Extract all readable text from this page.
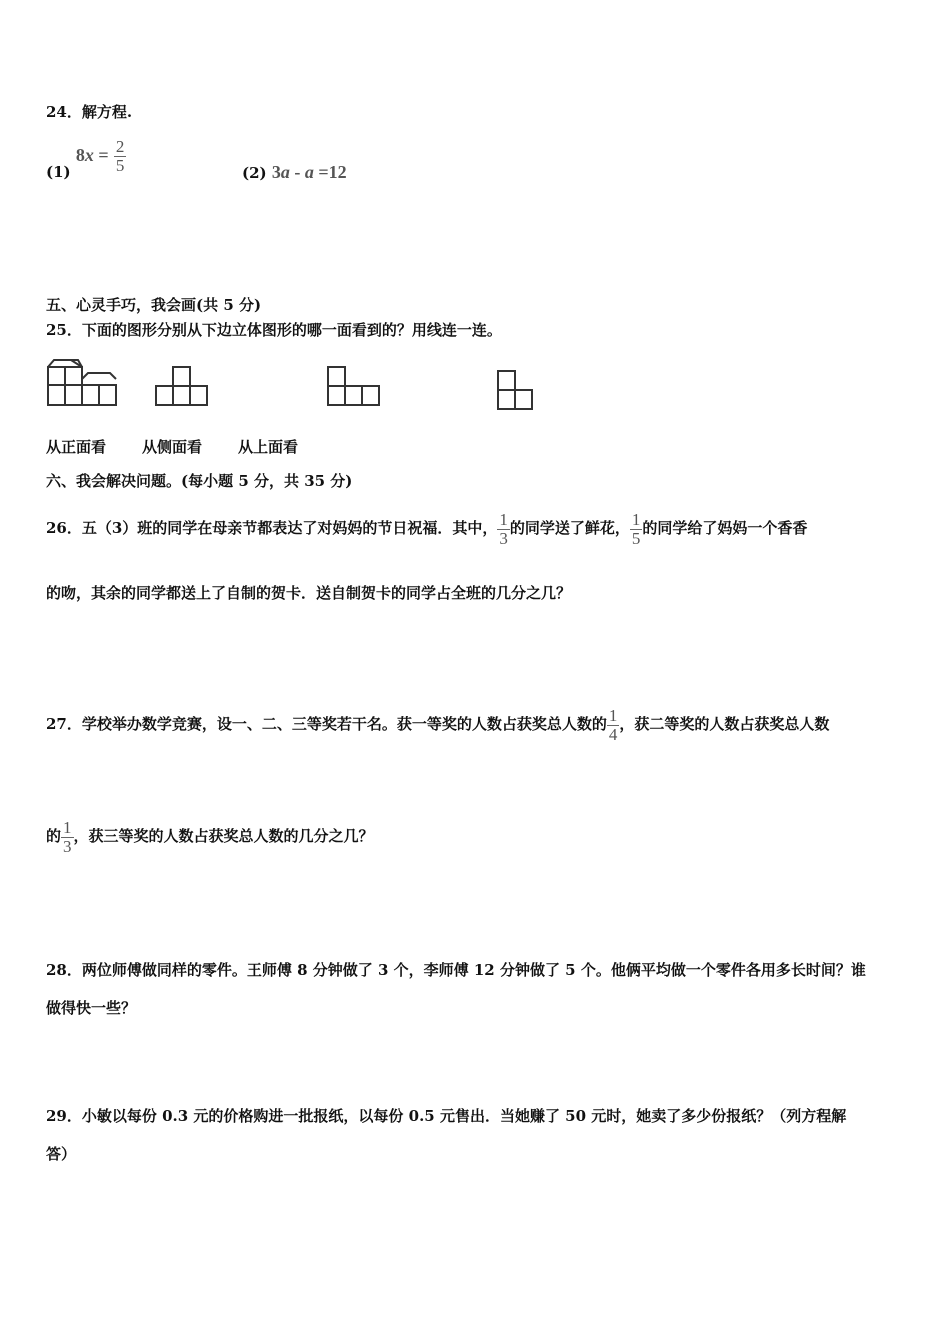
24．解方程.
(1) $8x = \frac{2}{5}$	(2) 3a - a =12
五、心灵手巧，我会画(共 5 分)
25．下面的图形分别从下边立体图形的哪一面看到的？用线连一连。
从正面看 从侧面看 从上面看
六、我会解决问题。(每小题 5 分，共 35 分)
26．五（3）班的同学在母亲节都表达了对妈妈的节日祝福．其中， $\frac{1}{3}$ 的同学送了鲜花， $\frac{1}{5}$ 的同学给了妈妈一个香香
的吻，其余的同学都送上了自制的贺卡．送自制贺卡的同学占全班的几分之几？
27．学校举办数学竞赛，设一、二、三等奖若干名。获一等奖的人数占获奖总人数的 $\frac{1}{4}$ ，获二等奖的人数占获奖总人数
的 $\frac{1}{3}$ ，获三等奖的人数占获奖总人数的几分之几？
28．两位师傅做同样的零件。王师傅 8 分钟做了 3 个，李师傅 12 分钟做了 5 个。他俩平均做一个零件各用多长时间？谁
做得快一些？
29．小敏以每份 0.3 元的价格购进一批报纸，以每份 0.5 元售出．当她赚了 50 元时，她卖了多少份报纸？（列方程解
答）
